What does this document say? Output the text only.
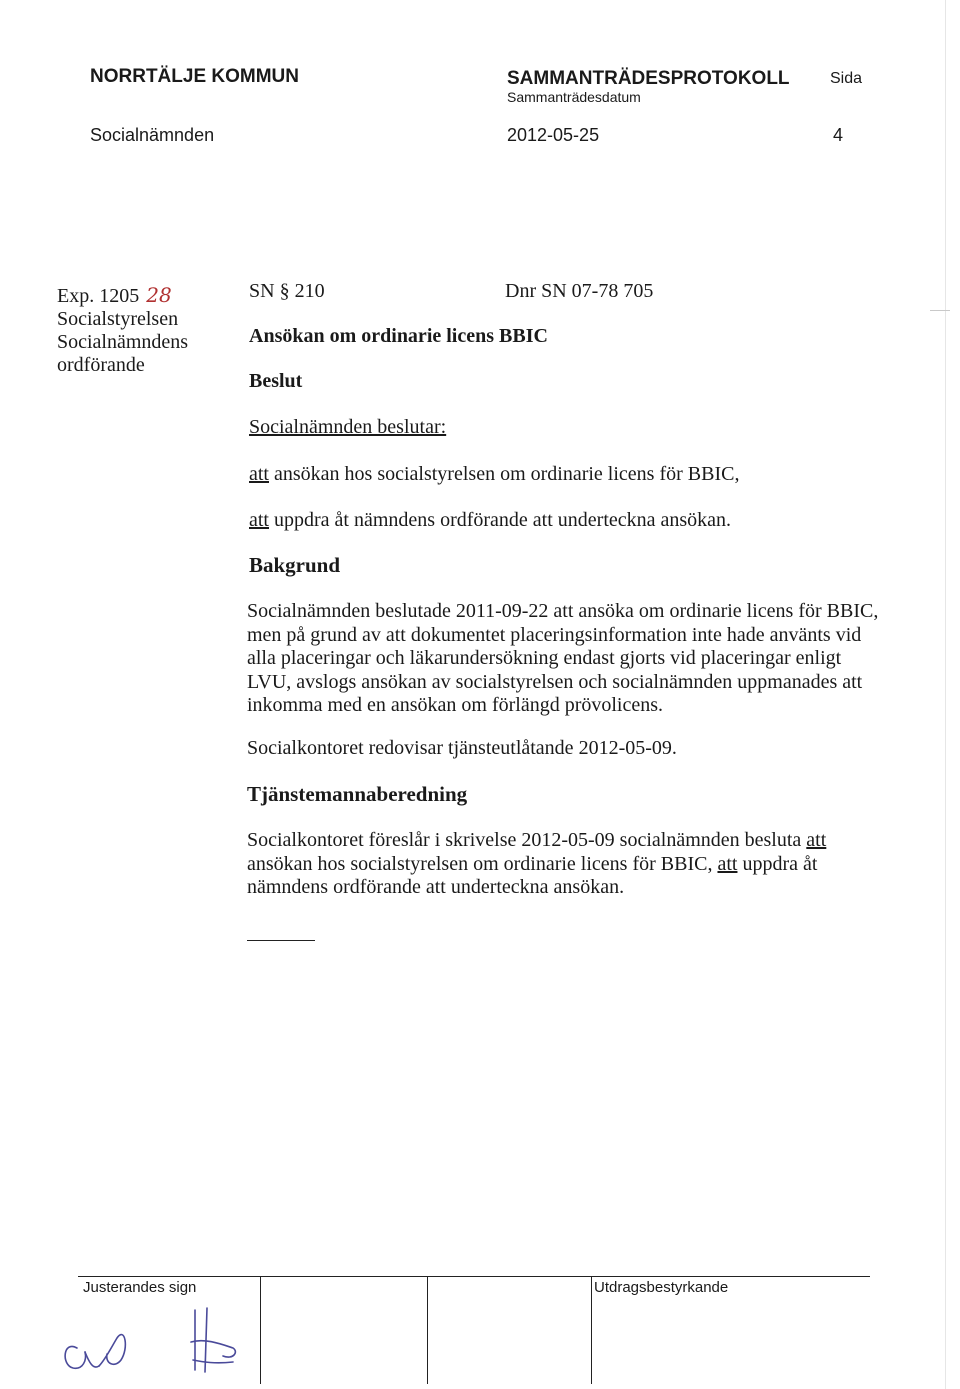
NORRTÄLJE KOMMUN	SAMMANTRÄDESPROTOKOLL
Sammanträdesdatum
Sida
Socialnämnden	2012-05-25	4
Exp. 1205 28
Socialstyrelsen
Socialnämndens
ordförande
SN § 210	Dnr SN 07-78 705
Ansökan om ordinarie licens BBIC
Beslut
Socialnämnden beslutar:
att ansökan hos socialstyrelsen om ordinarie licens för BBIC,
att uppdra åt nämndens ordförande att underteckna ansökan.
Bakgrund
Socialnämnden beslutade 2011-09-22 att ansöka om ordinarie licens för BBIC,
men på grund av att dokumentet placeringsinformation inte hade använts vid
alla placeringar och läkarundersökning endast gjorts vid placeringar enligt
LVU, avslogs ansökan av socialstyrelsen och socialnämnden uppmanades att
inkomma med en ansökan om förlängd prövolicens.
Socialkontoret redovisar tjänsteutlåtande 2012-05-09.
Tjänstemannaberedning
Socialkontoret föreslår i skrivelse 2012-05-09 socialnämnden besluta att
ansökan hos socialstyrelsen om ordinarie licens för BBIC, att uppdra åt
nämndens ordförande att underteckna ansökan.
Justerandes sign	Utdragsbestyrkande
